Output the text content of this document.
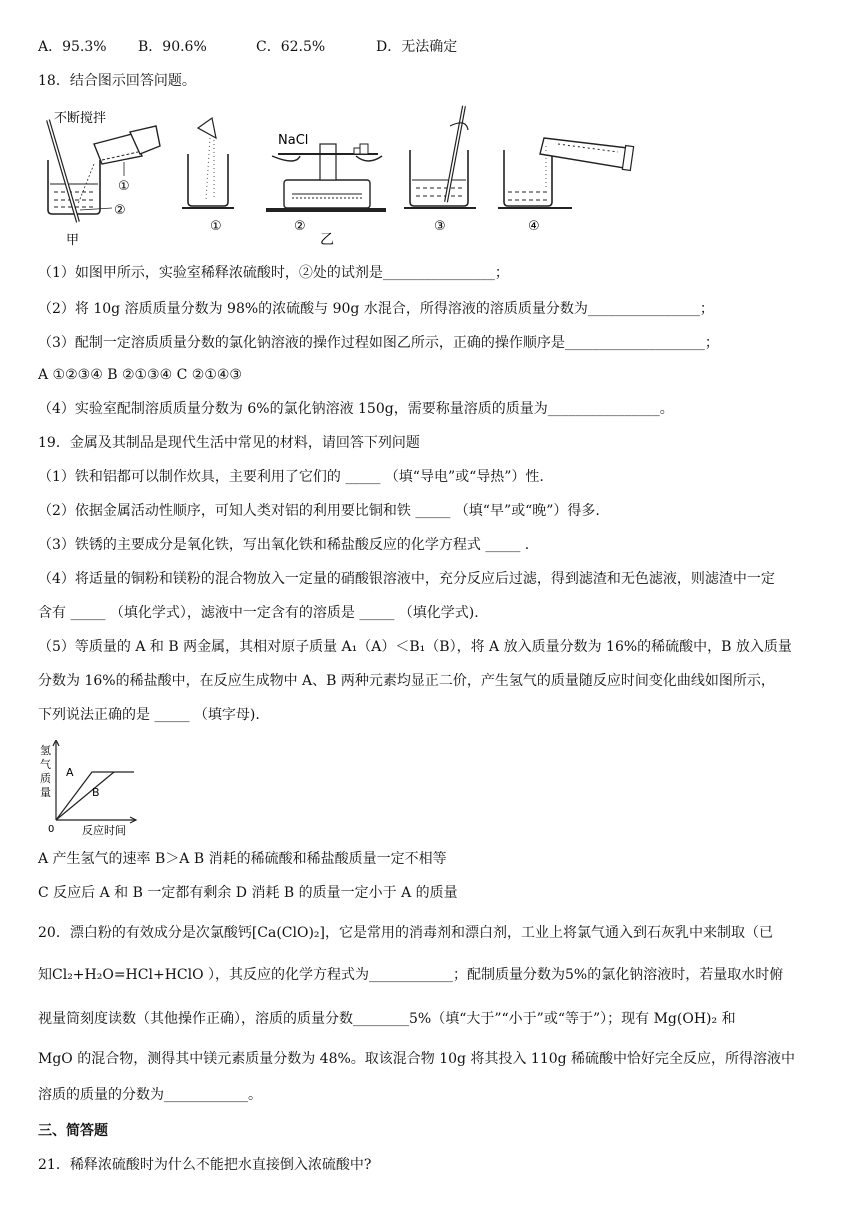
A．95.3% B．90.6%	C．62.5%	D．无法确定
18．结合图示回答问题。
不断搅拌
①
②
甲
①
NaCl
②
乙
③	④
（1）如图甲所示，实验室稀释浓硫酸时，②处的试剂是________________；
（2）将 10g 溶质质量分数为 98%的浓硫酸与 90g 水混合，所得溶液的溶质质量分数为________________；
（3）配制一定溶质质量分数的氯化钠溶液的操作过程如图乙所示，正确的操作顺序是____________________；
A ①②③④ B ②①③④ C ②①④③
（4）实验室配制溶质质量分数为 6%的氯化钠溶液 150g，需要称量溶质的质量为________________。
19．金属及其制品是现代生活中常见的材料，请回答下列问题
（1）铁和铝都可以制作炊具，主要利用了它们的 _____ （填“导电”或“导热”）性.
（2）依据金属活动性顺序，可知人类对铝的利用要比铜和铁 _____ （填“早”或“晚”）得多.
（3）铁锈的主要成分是氧化铁，写出氧化铁和稀盐酸反应的化学方程式 _____ .
（4）将适量的铜粉和镁粉的混合物放入一定量的硝酸银溶液中，充分反应后过滤，得到滤渣和无色滤液，则滤渣中一定
含有 _____ （填化学式），滤液中一定含有的溶质是 _____ （填化学式).
（5）等质量的 A 和 B 两金属，其相对原子质量 A₁（A）＜B₁（B），将 A 放入质量分数为 16%的稀硫酸中，B 放入质量
分数为 16%的稀盐酸中，在反应生成物中 A、B 两种元素均显正二价，产生氢气的质量随反应时间变化曲线如图所示，
下列说法正确的是 _____ （填字母).
氢
气
质
量
A
B
0	反应时间
A 产生氢气的速率 B＞A B 消耗的稀硫酸和稀盐酸质量一定不相等
C 反应后 A 和 B 一定都有剩余 D 消耗 B 的质量一定小于 A 的质量
20．漂白粉的有效成分是次氯酸钙[Ca(ClO)₂]，它是常用的消毒剂和漂白剂，工业上将氯气通入到石灰乳中来制取（已
知Cl₂+H₂O=HCl+HClO ），其反应的化学方程式为____________；配制质量分数为5%的氯化钠溶液时，若量取水时俯
视量筒刻度读数（其他操作正确），溶质的质量分数________5%（填“大于”“小于”或“等于”）；现有 Mg(OH)₂ 和
MgO 的混合物，测得其中镁元素质量分数为 48%。取该混合物 10g 将其投入 110g 稀硫酸中恰好完全反应，所得溶液中
溶质的质量的分数为____________。
三、简答题
21．稀释浓硫酸时为什么不能把水直接倒入浓硫酸中?
